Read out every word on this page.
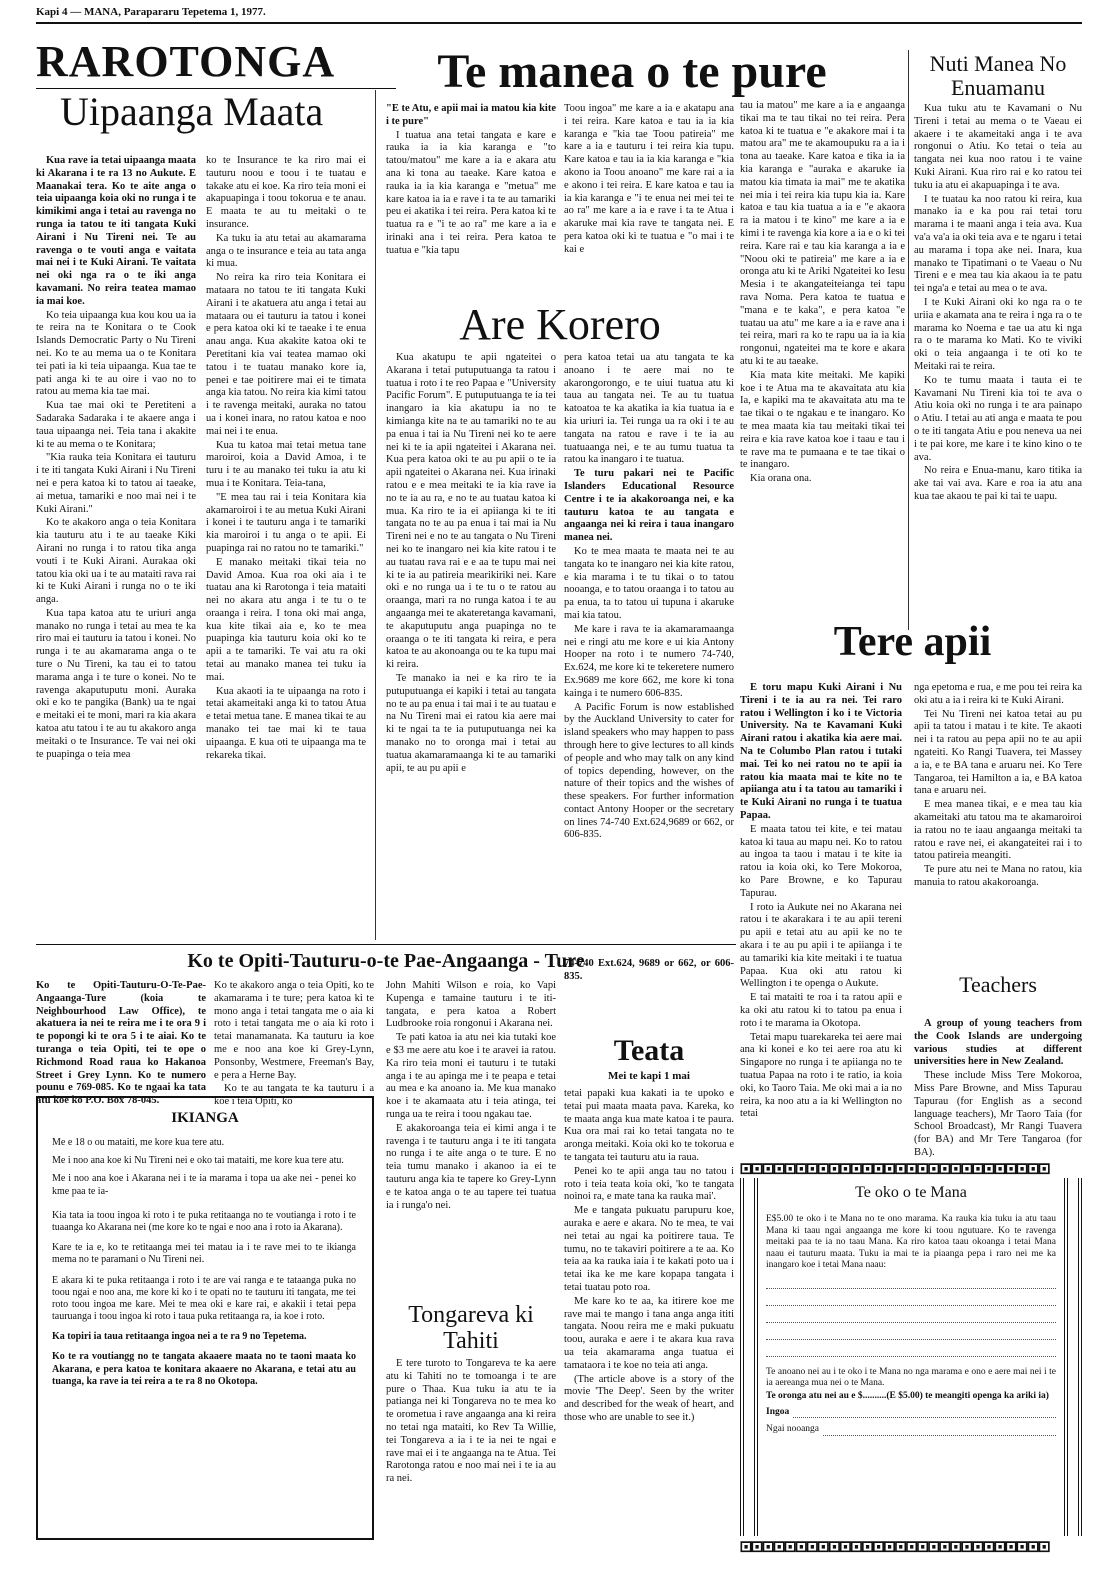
Kapi 4 — MANA, Parapararu Tepetema 1, 1977.
RAROTONGA
Uipaanga Maata

Kua rave ia tetai uipaanga maata ki Akarana i te ra 13 no Aukute. E Maanakai tera. Ko te aite anga o teia uipaanga koia oki no runga i te kimikimi anga i tetai au ravenga no runga ia tatou te iti tangata Kuki Airani i Nu Tireni nei. Te au ravenga o te vouti anga e vaitata mai nei i te Kuki Airani. Te vaitata nei oki nga ra o te iki anga kavamani. No reira teatea mamao ia mai koe.

Ko teia uipaanga kua kou kou ua ia te reira na te Konitara o te Cook Islands Democratic Party o Nu Tireni nei. Ko te au mema ua o te Konitara tei pati ia ki teia uipaanga. Kua tae te pati anga ki te au oire i vao no to ratou au mema kia tae mai.

Kua tae mai oki te Peretiteni a Sadaraka Sadaraka i te akaere anga i taua uipaanga nei. Teia tana i akakite ki te au mema o te Konitara;

"Kia rauka teia Konitara ei tauturu i te iti tangata Kuki Airani i Nu Tireni nei e pera katoa ki to tatou ai taeake, ai metua, tamariki e noo mai nei i te Kuki Airani."

Ko te akakoro anga o teia Konitara kia tauturu atu i te au taeake Kiki Airani no runga i to ratou tika anga vouti i te Kuki Airani. Aurakaa oki tatou kia oki ua i te au mataiti rava rai ki te Kuki Airani i runga no o te iki anga.

Kua tapa katoa atu te uriuri anga manako no runga i tetai au mea te ka riro mai ei tauturu ia tatou i konei. No runga i te au akamarama anga o te ture o Nu Tireni, ka tau ei to tatou marama anga i te ture o konei. No te ravenga akaputuputu moni. Auraka oki e ko te pangika (Bank) ua te ngai e meitaki ei te moni, mari ra kia akara katoa atu tatou i te au tu akakoro anga meitaki o te Insurance. Te vai nei oki te puapinga o teia mea

ko te Insurance te ka riro mai ei tauturu noou e toou i te tuatau e takake atu ei koe. Ka riro teia moni ei akapuapinga i toou tokorua e te anau. E maata te au tu meitaki o te insurance.

Ka tuku ia atu tetai au akamarama anga o te insurance e teia au tata anga ki mua.

No reira ka riro teia Konitara ei mataara no tatou te iti tangata Kuki Airani i te akatuera atu anga i tetai au mataara ou ei tauturu ia tatou i konei e pera katoa oki ki te taeake i te enua anau anga. Kua akakite katoa oki te Peretitani kia vai teatea mamao oki tatou i te tuatau manako kore ia, penei e tae poitirere mai ei te timata anga kia tatou. No reira kia kimi tatou i te ravenga meitaki, auraka no tatou ua i konei inara, no ratou katoa e noo mai nei i te enua.

Kua tu katoa mai tetai metua tane maroiroi, koia a David Amoa, i te turu i te au manako tei tuku ia atu ki mua i te Konitara. Teia-tana,

"E mea tau rai i teia Konitara kia akamaroiroi i te au metua Kuki Airani i konei i te tauturu anga i te tamariki kia maroiroi i tu anga o te apii. Ei puapinga rai no ratou no te tamariki."

E manako meitaki tikai teia no David Amoa. Kua roa oki aia i te tuatau ana ki Rarotonga i teia mataiti nei no akara atu anga i te tu o te oraanga i reira. I tona oki mai anga, kua kite tikai aia e, ko te mea puapinga kia tauturu koia oki ko te apii a te tamariki. Te vai atu ra oki tetai au manako manea tei tuku ia mai.

Kua akaoti ia te uipaanga na roto i tetai akameitaki anga ki to tatou Atua e tetai metua tane. E manea tikai te au manako tei tae mai ki te taua uipaanga. E kua oti te uipaanga ma te rekareka tikai.

Te manea o te pure

"E te Atu, e apii mai ia matou kia kite i te pure"

I tuatua ana tetai tangata e kare e rauka ia ia kia karanga e "to tatou/matou" me kare a ia e akara atu ana ki tona au taeake. Kare katoa e rauka ia ia kia karanga e "metua" me kare katoa ia ia e rave i ta te au tamariki peu ei akatika i tei reira. Pera katoa ki te tuatua ra e "i te ao ra" me kare a ia e irinaki ana i tei reira. Pera katoa te tuatua e "kia tapu

Toou ingoa" me kare a ia e akatapu ana i tei reira. Kare katoa e tau ia ia kia karanga e "kia tae Toou patireia" me kare a ia e tauturu i tei reira kia tupu. Kare katoa e tau ia ia kia karanga e "kia akono ia Toou anoano" me kare rai a ia e akono i tei reira. E kare katoa e tau ia ia kia karanga e "i te enua nei mei tei te ao ra" me kare a ia e rave i ta te Atua i akaruke mai kia rave te tangata nei. E pera katoa oki ki te tuatua e "o mai i te kai e

tau ia matou" me kare a ia e angaanga tikai ma te tau tikai no tei reira. Pera katoa ki te tuatua e "e akakore mai i ta matou ara" me te akamoupuku ra a ia i tona au taeake. Kare katoa e tika ia ia kia karanga e "auraka e akaruke ia matou kia timata ia mai" me te akatika nei mia i tei reira kia tupu kia ia. Kare katoa e tau kia tuatua a ia e "e akaora ra ia matou i te kino" me kare a ia e kimi i te ravenga kia kore a ia e o ki tei reira. Kare rai e tau kia karanga a ia e "Noou oki te patireia" me kare a ia e oronga atu ki te Ariki Ngateitei ko Iesu Mesia i te akangateiteianga tei tapu rava Noma. Pera katoa te tuatua e "mana e te kaka", e pera katoa "e tuatau ua atu" me kare a ia e rave ana i tei reira, mari ra ko te rapu ua ia ia kia rongonui, ngateitei ma te kore e akara atu ki te au taeake.

Kia mata kite meitaki. Me kapiki koe i te Atua ma te akavaitata atu kia Ia, e kapiki ma te akavaitata atu ma te tae tikai o te ngakau e te inangaro. Ko te mea maata kia tau meitaki tikai tei reira e kia rave katoa koe i taau e tau i te rave ma te pumaana e te tae tikai o te inangaro.

Kia orana ona.

Are Korero

Kua akatupu te apii ngateitei o Akarana i tetai putuputuanga ta ratou i tuatua i roto i te reo Papaa e "University Pacific Forum". E putuputuanga te ia tei inangaro ia kia akatupu ia no te kimianga kite na te au tamariki no te au pa enua i tai ia Nu Tireni nei ko te aere nei ki te ia apii ngateitei i Akarana nei. Kua pera katoa oki te au pu apii o te ia apii ngateitei o Akarana nei. Kua irinaki ratou e e mea meitaki te ia kia rave ia no te ia au ra, e no te au tuatau katoa ki mua. Ka riro te ia ei apiianga ki te iti tangata no te au pa enua i tai mai ia Nu Tireni nei e no te au tangata o Nu Tireni nei ko te inangaro nei kia kite ratou i te au tuatau rava rai e e aa te tupu mai nei ki te ia au patireia mearikiriki nei. Kare oki e no runga ua i te tu o te ratou au oraanga, mari ra no runga katoa i te au angaanga mei te akateretanga kavamani, te akaputuputu anga puapinga no te oraanga o te iti tangata ki reira, e pera katoa te au akonoanga ou te ka tupu mai ki reira.

Te manako ia nei e ka riro te ia putuputuanga ei kapiki i tetai au tangata no te au pa enua i tai mai i te au tuatau e na Nu Tireni mai ei ratou kia aere mai ki te ngai ta te ia putuputuanga nei ka manako no to oronga mai i tetai au tuatua akamaramaanga ki te au tamariki apii, te au pu apii e

pera katoa tetai ua atu tangata te ka anoano i te aere mai no te akarongorongo, e te uiui tuatua atu ki taua au tangata nei. Te au tu tuatua katoatoa te ka akatika ia kia tuatua ia e kia uriuri ia. Tei runga ua ra oki i te au tangata na ratou e rave i te ia au tuatuaanga nei, e te au tumu tuatua ta ratou ka inangaro i te tuatua.

Te turu pakari nei te Pacific Islanders Educational Resource Centre i te ia akakoroanga nei, e ka tauturu katoa te au tangata e angaanga nei ki reira i taua inangaro manea nei.

Ko te mea maata te maata nei te au tangata ko te inangaro nei kia kite ratou, e kia marama i te tu tikai o to tatou nooanga, e to tatou oraanga i to tatou au pa enua, ta to tatou ui tupuna i akaruke mai kia tatou.

Me kare i rava te ia akamaramaanga nei e ringi atu me kore e ui kia Antony Hooper na roto i te numero 74-740, Ex.624, me kore ki te tekeretere numero Ex.9689 me kore 662, me kore ki tona kainga i te numero 606-835.

A Pacific Forum is now established by the Auckland University to cater for island speakers who may happen to pass through here to give lectures to all kinds of people and who may talk on any kind of topics depending, however, on the nature of their topics and the wishes of these speakers. For further information contact Antony Hooper or the secretary on lines 74-740 Ext.624,9689 or 662, or 606-835.

Nuti Manea No Enuamanu

Kua tuku atu te Kavamani o Nu Tireni i tetai au mema o te Vaeau ei akaere i te akameitaki anga i te ava rongonui o Atiu. Ko tetai o teia au tangata nei kua noo ratou i te vaine Kuki Airani. Kua riro rai e ko ratou tei tuku ia atu ei akapuapinga i te ava.

I te tuatau ka noo ratou ki reira, kua manako ia e ka pou rai tetai toru marama i te maani anga i teia ava. Kua va'a va'a ia oki teia ava e te ngaru i tetai au marama i topa ake nei. Inara, kua manako te Tipatimani o te Vaeau o Nu Tireni e e mea tau kia akaou ia te patu tei nga'a e tetai au mea o te ava.

I te Kuki Airani oki ko nga ra o te uriia e akamata ana te reira i nga ra o te marama ko Noema e tae ua atu ki nga ra o te marama ko Mati. Ko te viviki oki o teia angaanga i te oti ko te Meitaki rai te reira.

Ko te tumu maata i tauta ei te Kavamani Nu Tireni kia toi te ava o Atiu koia oki no runga i te ara painapo o Atiu. I tetai au ati anga e maata te pou o te iti tangata Atiu e pou neneva ua nei i te pai kore, me kare i te kino kino o te ava.

No reira e Enua-manu, karo titika ia ake tai vai ava. Kare e roa ia atu ana kua tae akaou te pai ki tai te uapu.

Tere apii

E toru mapu Kuki Airani i Nu Tireni i te ia au ra nei. Tei raro ratou i Wellington i ko i te Victoria University. Na te Kavamani Kuki Airani ratou i akatika kia aere mai. Na te Columbo Plan ratou i tutaki mai. Tei ko nei ratou no te apii ia ratou kia maata mai te kite no te apiianga atu i ta tatou au tamariki i te Kuki Airani no runga i te tuatua Papaa.

E maata tatou tei kite, e tei matau katoa ki taua au mapu nei. Ko to ratou au ingoa ta taou i matau i te kite ia ratou ia koia oki, ko Tere Mokoroa, ko Pare Browne, e ko Tapurau Tapurau.

I roto ia Aukute nei no Akarana nei ratou i te akarakara i te au apii tereni pu apii e tetai atu au apii ke no te akara i te au pu apii i te apiianga i te au tamariki kia kite meitaki i te tuatua Papaa. Kua oki atu ratou ki Wellington i te openga o Aukute.

E tai mataiti te roa i ta ratou apii e ka oki atu ratou ki to tatou pa enua i roto i te marama ia Okotopa.

Tetai mapu tuarekareka tei aere mai ana ki konei e ko tei aere roa atu ki Singapore no runga i te apiianga no te tuatua Papaa na roto i te ratio, ia koia oki, ko Taoro Taia. Me oki mai a ia no reira, ka noo atu a ia ki Wellington no tetai

nga epetoma e rua, e me pou tei reira ka oki atu a ia i reira ki te Kuki Airani.

Tei Nu Tireni nei katoa tetai au pu apii ta tatou i matau i te kite. Te akaoti nei i ta ratou au pepa apii no te au apii ngateiti. Ko Rangi Tuavera, tei Massey a ia, e te BA tana e aruaru nei. Ko Tere Tangaroa, tei Hamilton a ia, e BA katoa tana e aruaru nei.

E mea manea tikai, e e mea tau kia akameitaki atu tatou ma te akamaroiroi ia ratou no te iaau angaanga meitaki ta ratou e rave nei, ei akangateitei rai i to tatou patireia meangiti.

Te pure atu nei te Mana no ratou, kia manuia to ratou akakoroanga.

Teachers

A group of young teachers from the Cook Islands are undergoing various studies at different universities here in New Zealand.

These include Miss Tere Mokoroa, Miss Pare Browne, and Miss Tapurau Tapurau (for English as a second language teachers), Mr Taoro Taia (for School Broadcast), Mr Rangi Tuavera (for BA) and Mr Tere Tangaroa (for BA).

Ko te Opiti-Tauturu-o-te Pae-Angaanga - Ture

Ko te Opiti-Tauturu-O-Te-Pae-Angaanga-Ture (koia te Neighbourhood Law Office), te akatuera ia nei te reira me i te ora 9 i te popongi ki te ora 5 i te aiai. Ko te turanga o teia Opiti, tei te ope o Richmond Road raua ko Hakanoa Street i Grey Lynn. Ko te numero pounu e 769-085. Ko te ngaai ka tata atu koe ko P.O. Box 78-045.

Ko te akakoro anga o teia Opiti, ko te akamarama i te ture; pera katoa ki te mono anga i tetai tangata me o aia ki roto i tetai tangata me o aia ki roto i tetai manamanata. Ka tauturu ia koe me e noo ana koe ki Grey-Lynn, Ponsonby, Westmere, Freeman's Bay, e pera a Herne Bay.

Ko te au tangata te ka tauturu i a koe i teia Opiti, ko

John Mahiti Wilson e roia, ko Vapi Kupenga e tamaine tauturu i te iti-tangata, e pera katoa a Robert Ludbrooke roia rongonui i Akarana nei.

Te pati katoa ia atu nei kia tutaki koe e $3 me aere atu koe i te aravei ia ratou. Ka riro teia moni ei tauturu i te tutaki anga i te au apinga me i te peapa e tetai au mea e ka anoano ia. Me kua manako koe i te akamaata atu i teia atinga, tei runga ua te reira i toou ngakau tae.

E akakoroanga teia ei kimi anga i te ravenga i te tauturu anga i te iti tangata no runga i te aite anga o te ture. E no teia tumu manako i akanoo ia ei te tauturu anga kia te tapere ko Grey-Lynn e te katoa anga o te au tapere tei tuatua ia i runga'o nei.

74-740 Ext.624, 9689 or 662, or 606-835.

IKIANGA

Me e 18 o ou mataiti, me kore kua tere atu.

Me i noo ana koe ki Nu Tireni nei e oko tai mataiti, me kore kua tere atu.

Me i noo ana koe i Akarana nei i te ia marama i topa ua ake nei - penei ko kme paa te ia-

Kia tata ia toou ingoa ki roto i te puka retitaanga no te voutianga i roto i te tuaanga ko Akarana nei (me kore ko te ngai e noo ana i roto ia Akarana).

Kare te ia e, ko te retitaanga mei tei matau ia i te rave mei to te ikianga mema no te paramani o Nu Tireni nei.

E akara ki te puka retitaanga i roto i te are vai ranga e te tataanga puka no toou ngai e noo ana, me kore ki ko i te opati no te tauturu iti tangata, me tei roto toou ingoa me kare. Mei te mea oki e kare rai, e akakii i tetai pepa tauruanga i toou ingoa ki roto i taua puka retitaanga ra, ia koe i roto.

Ka topiri ia taua retitaanga ingoa nei a te ra 9 no Tepetema.

Ko te ra voutiangg no te tangata akaaere maata no te taoni maata ko Akarana, e pera katoa te konitara akaaere no Akarana, e tetai atu au tuanga, ka rave ia tei reira a te ra 8 no Okotopa.

Tongareva ki Tahiti

E tere turoto to Tongareva te ka aere atu ki Tahiti no te tomoanga i te are pure o Thaa. Kua tuku ia atu te ia patianga nei ki Tongareva no te mea ko te orometua i rave angaanga ana ki reira no tetai nga mataiti, ko Rev Ta Willie, tei Tongareva a ia i te ia nei te ngai e rave mai ei i te angaanga na te Atua. Tei Rarotonga ratou e noo mai nei i te ia au ra nei.

Teata
Mei te kapi 1 mai

tetai papaki kua kakati ia te upoko e tetai pui maata maata pava. Kareka, ko te maata anga kua mate katoa i te paura. Kua ora mai rai ko tetai tangata no te aronga meitaki. Koia oki ko te tokorua e te tangata tei tauturu atu ia raua.

Penei ko te apii anga tau no tatou i roto i teia teata koia oki, 'ko te tangata noinoi ra, e mate tana ka rauka mai'.

Me e tangata pukuatu parupuru koe, auraka e aere e akara. No te mea, te vai nei tetai au ngai ka poitirere taua. Te tumu, no te takaviri poitirere a te aa. Ko teia aa ka rauka iaia i te kakati poto ua i tetai ika ke me kare kopapa tangata i tetai tuatau poto roa.

Me kare ko te aa, ka itirere koe me rave mai te mango i tana anga anga ititi tangata. Noou reira me e maki pukuatu toou, auraka e aere i te akara kua rava ua teia akamarama anga tuatua ei tamataora i te koe no teia ati anga.

(The article above is a story of the movie 'The Deep'. Seen by the writer and described for the weak of heart, and those who are unable to see it.)

⊡⊡⊡⊡⊡⊡⊡⊡⊡⊡⊡⊡⊡⊡⊡⊡⊡⊡⊡⊡⊡⊡⊡⊡⊡⊡⊡⊡
⊡⊡⊡⊡⊡⊡⊡⊡⊡⊡⊡⊡⊡⊡⊡⊡⊡⊡⊡⊡⊡⊡⊡⊡⊡⊡⊡⊡
Te oko o te Mana

E$5.00 te oko i te Mana no te ono marama. Ka rauka kia tuku ia atu taau Mana ki taau ngai angaanga me kore ki toou ngutuare. Ko te ravenga meitaki paa te ia no taau Mana. Ka riro katoa taau okoanga i tetai Mana naau ei tauturu maata. Tuku ia mai te ia piaanga pepa i raro nei me ka inangaro koe i tetai Mana naau:

Te anoano nei au i te oko i te Mana no nga marama e ono e aere mai nei i te ia aereanga mua nei o te Mana.

Te oronga atu nei au e $..........(E $5.00) te meangiti openga ka ariki ia)

Ingoa
Ngai nooanga
